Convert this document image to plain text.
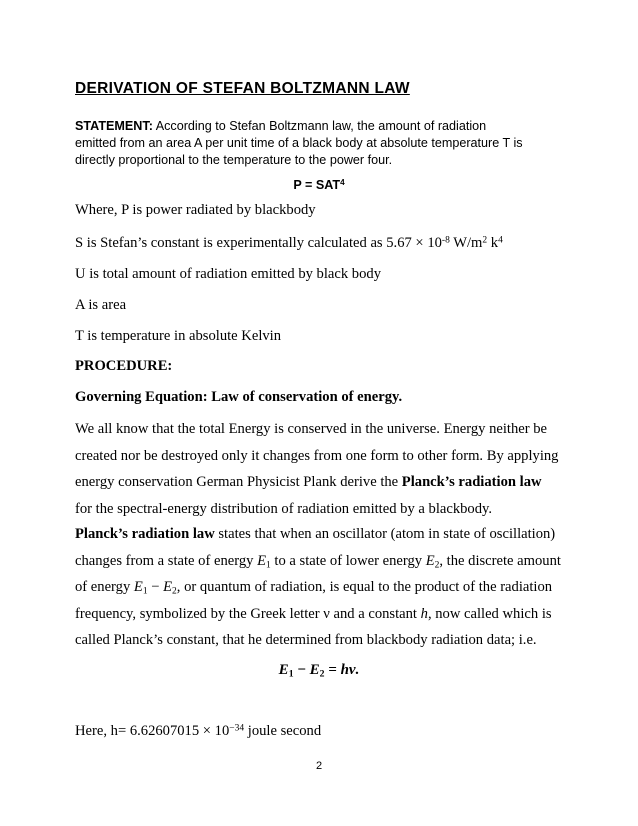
DERIVATION OF STEFAN BOLTZMANN LAW

STATEMENT: According to Stefan Boltzmann law, the amount of radiation
emitted from an area A per unit time of a black body at absolute temperature T is
directly proportional to the temperature to the power four.

$P = SAT^4$

Where, P is power radiated by blackbody

S is Stefan’s constant is experimentally calculated as $5.67 \times 10^{-8}$ $W/m^2$ $k^4$

U is total amount of radiation emitted by black body

A is area

T is temperature in absolute Kelvin

PROCEDURE:

Governing Equation: Law of conservation of energy.

We all know that the total Energy is conserved in the universe. Energy neither be
created nor be destroyed only it changes from one form to other form. By applying
energy conservation German Physicist Plank derive the Planck’s radiation law
for the spectral-energy distribution of radiation emitted by a blackbody.

Planck’s radiation law states that when an oscillator (atom in state of oscillation)
changes from a state of energy $E_1$ to a state of lower energy $E_2$, the discrete amount
of energy $E_1 - E_2$, or quantum of radiation, is equal to the product of the radiation
frequency, symbolized by the Greek letter ν and a constant h, now called which is
called Planck’s constant, that he determined from blackbody radiation data; i.e.

$E_1 - E_2 = h\nu$.

Here, $h= 6.62607015 \times 10^{-34}$ joule second

2
